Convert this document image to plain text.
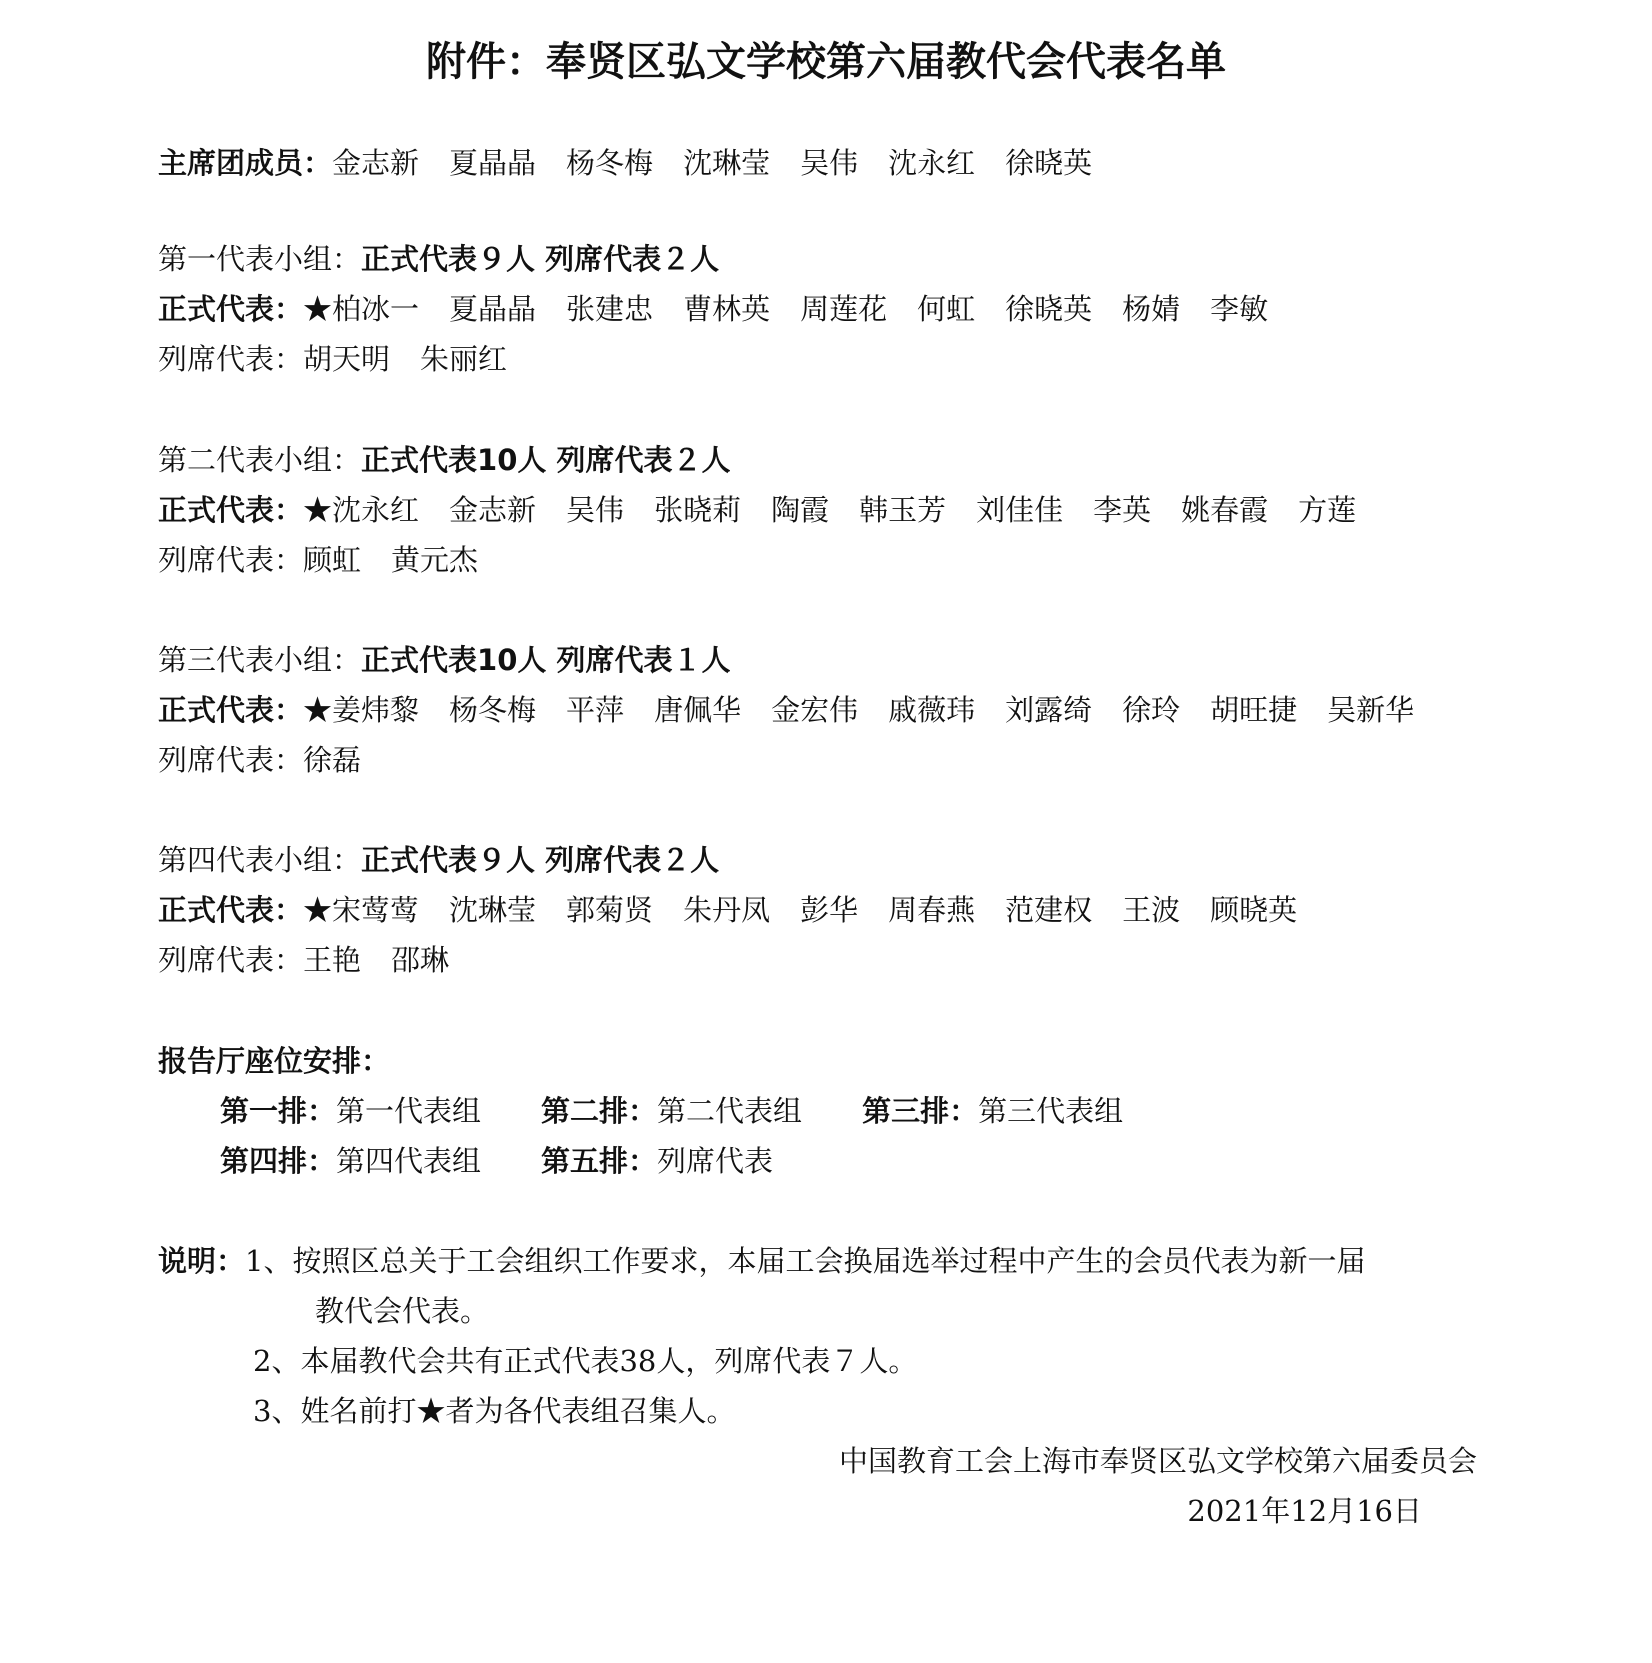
附件：奉贤区弘文学校第六届教代会代表名单
主席团成员：金志新 夏晶晶 杨冬梅 沈琳莹 吴伟 沈永红 徐晓英
第一代表小组：正式代表９人 列席代表２人
正式代表：★柏冰一 夏晶晶 张建忠 曹林英 周莲花 何虹 徐晓英 杨婧 李敏
列席代表：胡天明 朱丽红
第二代表小组：正式代表10人 列席代表２人
正式代表：★沈永红 金志新 吴伟 张晓莉 陶霞 韩玉芳 刘佳佳 李英 姚春霞 方莲
列席代表：顾虹 黄元杰
第三代表小组：正式代表10人 列席代表１人
正式代表：★姜炜黎 杨冬梅 平萍 唐佩华 金宏伟 戚薇玮 刘露绮 徐玲 胡旺捷 吴新华
列席代表：徐磊
第四代表小组：正式代表９人 列席代表２人
正式代表：★宋莺莺 沈琳莹 郭菊贤 朱丹凤 彭华 周春燕 范建权 王波 顾晓英
列席代表：王艳 邵琳
报告厅座位安排：
第一排：第一代表组 第二排：第二代表组 第三排：第三代表组
第四排：第四代表组 第五排：列席代表
说明：1、按照区总关于工会组织工作要求，本届工会换届选举过程中产生的会员代表为新一届
教代会代表。
2、本届教代会共有正式代表38人，列席代表７人。
3、姓名前打★者为各代表组召集人。
中国教育工会上海市奉贤区弘文学校第六届委员会
2021年12月16日
